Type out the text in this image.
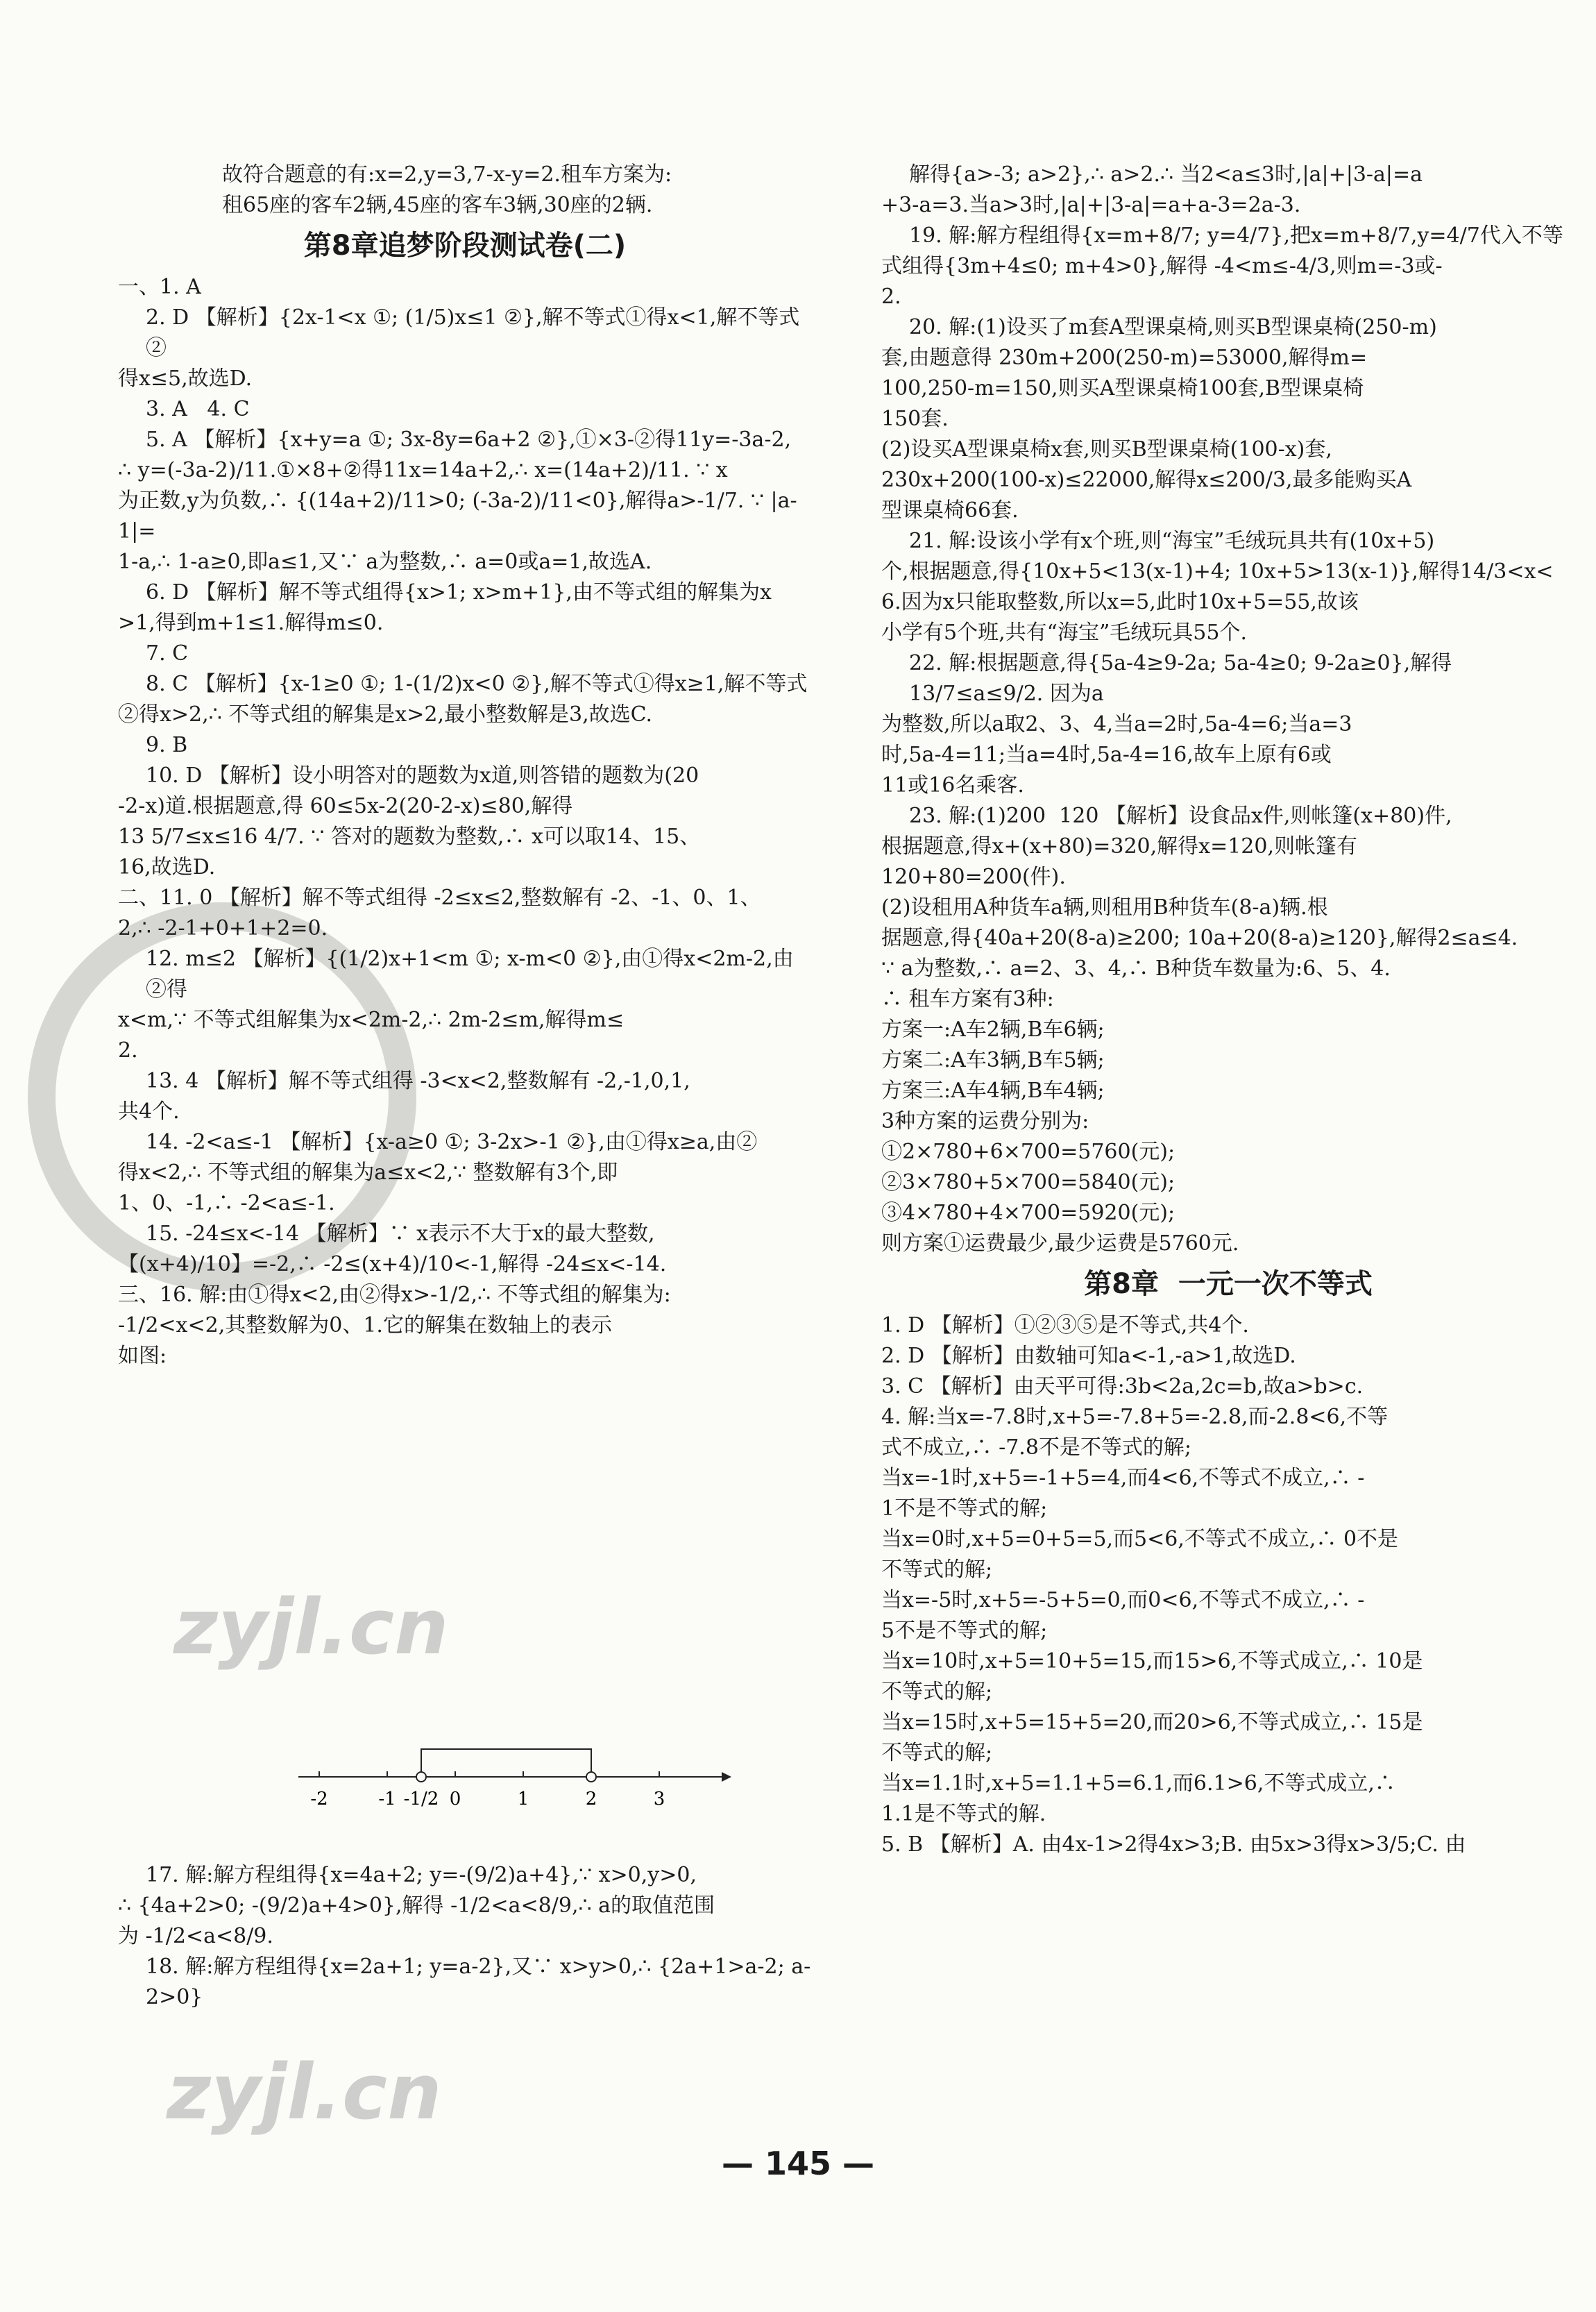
故符合题意的有:x=2,y=3,7-x-y=2.租车方案为:
租65座的客车2辆,45座的客车3辆,30座的2辆.
第8章追梦阶段测试卷(二)
一、1. A
2. D 【解析】{2x-1<x ①; (1/5)x≤1 ②},解不等式①得x<1,解不等式②
得x≤5,故选D.
3. A   4. C
5. A 【解析】{x+y=a ①; 3x-8y=6a+2 ②},①×3-②得11y=-3a-2,
∴ y=(-3a-2)/11.①×8+②得11x=14a+2,∴ x=(14a+2)/11. ∵ x
为正数,y为负数,∴ {(14a+2)/11>0; (-3a-2)/11<0},解得a>-1/7. ∵ |a-1|=
1-a,∴ 1-a≥0,即a≤1,又∵ a为整数,∴ a=0或a=1,故选A.
6. D 【解析】解不等式组得{x>1; x>m+1},由不等式组的解集为x
>1,得到m+1≤1.解得m≤0.
7. C
8. C 【解析】{x-1≥0 ①; 1-(1/2)x<0 ②},解不等式①得x≥1,解不等式
②得x>2,∴ 不等式组的解集是x>2,最小整数解是3,故选C.
9. B
10. D 【解析】设小明答对的题数为x道,则答错的题数为(20
-2-x)道.根据题意,得 60≤5x-2(20-2-x)≤80,解得
13 5/7≤x≤16 4/7. ∵ 答对的题数为整数,∴ x可以取14、15、
16,故选D.
二、11. 0 【解析】解不等式组得 -2≤x≤2,整数解有 -2、-1、0、1、
2,∴ -2-1+0+1+2=0.
12. m≤2 【解析】{(1/2)x+1<m ①; x-m<0 ②},由①得x<2m-2,由②得
x<m,∵ 不等式组解集为x<2m-2,∴ 2m-2≤m,解得m≤
2.
13. 4 【解析】解不等式组得 -3<x<2,整数解有 -2,-1,0,1,
共4个.
14. -2<a≤-1 【解析】{x-a≥0 ①; 3-2x>-1 ②},由①得x≥a,由②
得x<2,∴ 不等式组的解集为a≤x<2,∵ 整数解有3个,即
1、0、-1,∴ -2<a≤-1.
15. -24≤x<-14 【解析】∵ x表示不大于x的最大整数,
【(x+4)/10】=-2,∴ -2≤(x+4)/10<-1,解得 -24≤x<-14.
三、16. 解:由①得x<2,由②得x>-1/2,∴ 不等式组的解集为:
-1/2<x<2,其整数解为0、1.它的解集在数轴上的表示
如图:
-2	-1 -1/2 0	1	2	3
17. 解:解方程组得{x=4a+2; y=-(9/2)a+4},∵ x>0,y>0,
∴ {4a+2>0; -(9/2)a+4>0},解得 -1/2<a<8/9,∴ a的取值范围
为 -1/2<a<8/9.
18. 解:解方程组得{x=2a+1; y=a-2},又∵ x>y>0,∴ {2a+1>a-2; a-2>0}
解得{a>-3; a>2},∴ a>2.∴ 当2<a≤3时,|a|+|3-a|=a
+3-a=3.当a>3时,|a|+|3-a|=a+a-3=2a-3.
19. 解:解方程组得{x=m+8/7; y=4/7},把x=m+8/7,y=4/7代入不等
式组得{3m+4≤0; m+4>0},解得 -4<m≤-4/3,则m=-3或-
2.
20. 解:(1)设买了m套A型课桌椅,则买B型课桌椅(250-m)
套,由题意得 230m+200(250-m)=53000,解得m=
100,250-m=150,则买A型课桌椅100套,B型课桌椅
150套.
(2)设买A型课桌椅x套,则买B型课桌椅(100-x)套,
230x+200(100-x)≤22000,解得x≤200/3,最多能购买A
型课桌椅66套.
21. 解:设该小学有x个班,则“海宝”毛绒玩具共有(10x+5)
个,根据题意,得{10x+5<13(x-1)+4; 10x+5>13(x-1)},解得14/3<x<
6.因为x只能取整数,所以x=5,此时10x+5=55,故该
小学有5个班,共有“海宝”毛绒玩具55个.
22. 解:根据题意,得{5a-4≥9-2a; 5a-4≥0; 9-2a≥0},解得13/7≤a≤9/2. 因为a
为整数,所以a取2、3、4,当a=2时,5a-4=6;当a=3
时,5a-4=11;当a=4时,5a-4=16,故车上原有6或
11或16名乘客.
23. 解:(1)200  120 【解析】设食品x件,则帐篷(x+80)件,
根据题意,得x+(x+80)=320,解得x=120,则帐篷有
120+80=200(件).
(2)设租用A种货车a辆,则租用B种货车(8-a)辆.根
据题意,得{40a+20(8-a)≥200; 10a+20(8-a)≥120},解得2≤a≤4.
∵ a为整数,∴ a=2、3、4,∴ B种货车数量为:6、5、4.
∴ 租车方案有3种:
方案一:A车2辆,B车6辆;
方案二:A车3辆,B车5辆;
方案三:A车4辆,B车4辆;
3种方案的运费分别为:
①2×780+6×700=5760(元);
②3×780+5×700=5840(元);
③4×780+4×700=5920(元);
则方案①运费最少,最少运费是5760元.
第8章  一元一次不等式
1. D 【解析】①②③⑤是不等式,共4个.
2. D 【解析】由数轴可知a<-1,-a>1,故选D.
3. C 【解析】由天平可得:3b<2a,2c=b,故a>b>c.
4. 解:当x=-7.8时,x+5=-7.8+5=-2.8,而-2.8<6,不等
式不成立,∴ -7.8不是不等式的解;
当x=-1时,x+5=-1+5=4,而4<6,不等式不成立,∴ -
1不是不等式的解;
当x=0时,x+5=0+5=5,而5<6,不等式不成立,∴ 0不是
不等式的解;
当x=-5时,x+5=-5+5=0,而0<6,不等式不成立,∴ -
5不是不等式的解;
当x=10时,x+5=10+5=15,而15>6,不等式成立,∴ 10是
不等式的解;
当x=15时,x+5=15+5=20,而20>6,不等式成立,∴ 15是
不等式的解;
当x=1.1时,x+5=1.1+5=6.1,而6.1>6,不等式成立,∴
1.1是不等式的解.
5. B 【解析】A. 由4x-1>2得4x>3;B. 由5x>3得x>3/5;C. 由
zyjl.cn
zyjl.cn
— 145 —
